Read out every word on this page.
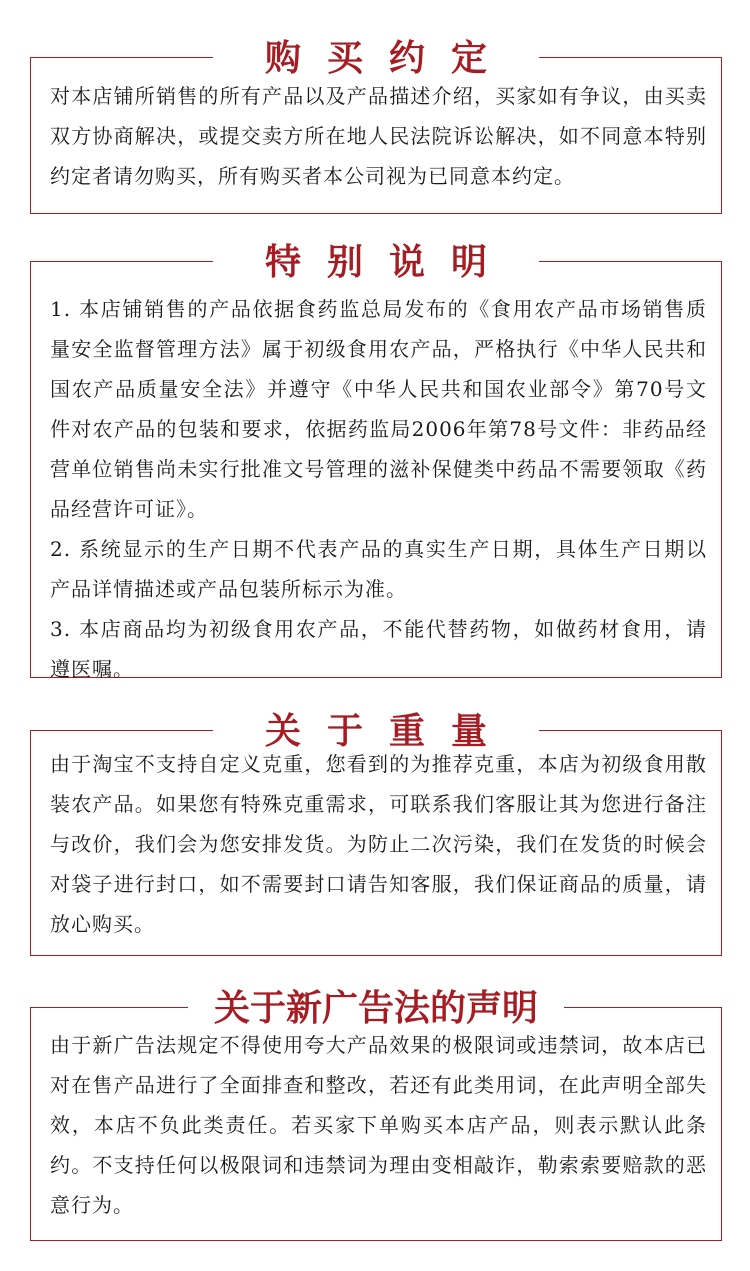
购买约定

对本店铺所销售的所有产品以及产品描述介绍，买家如有争议，由买卖双方协商解决，或提交卖方所在地人民法院诉讼解决，如不同意本特别约定者请勿购买，所有购买者本公司视为已同意本约定。

特别说明

1. 本店铺销售的产品依据食药监总局发布的《食用农产品市场销售质量安全监督管理方法》属于初级食用农产品，严格执行《中华人民共和国农产品质量安全法》并遵守《中华人民共和国农业部令》第70号文件对农产品的包装和要求，依据药监局2006年第78号文件：非药品经营单位销售尚未实行批准文号管理的滋补保健类中药品不需要领取《药品经营许可证》。

2. 系统显示的生产日期不代表产品的真实生产日期，具体生产日期以产品详情描述或产品包装所标示为准。

3. 本店商品均为初级食用农产品，不能代替药物，如做药材食用，请遵医嘱。

关于重量

由于淘宝不支持自定义克重，您看到的为推荐克重，本店为初级食用散装农产品。如果您有特殊克重需求，可联系我们客服让其为您进行备注与改价，我们会为您安排发货。为防止二次污染，我们在发货的时候会对袋子进行封口，如不需要封口请告知客服，我们保证商品的质量，请放心购买。

关于新广告法的声明

由于新广告法规定不得使用夸大产品效果的极限词或违禁词，故本店已对在售产品进行了全面排查和整改，若还有此类用词，在此声明全部失效，本店不负此类责任。若买家下单购买本店产品，则表示默认此条约。不支持任何以极限词和违禁词为理由变相敲诈，勒索索要赔款的恶意行为。
